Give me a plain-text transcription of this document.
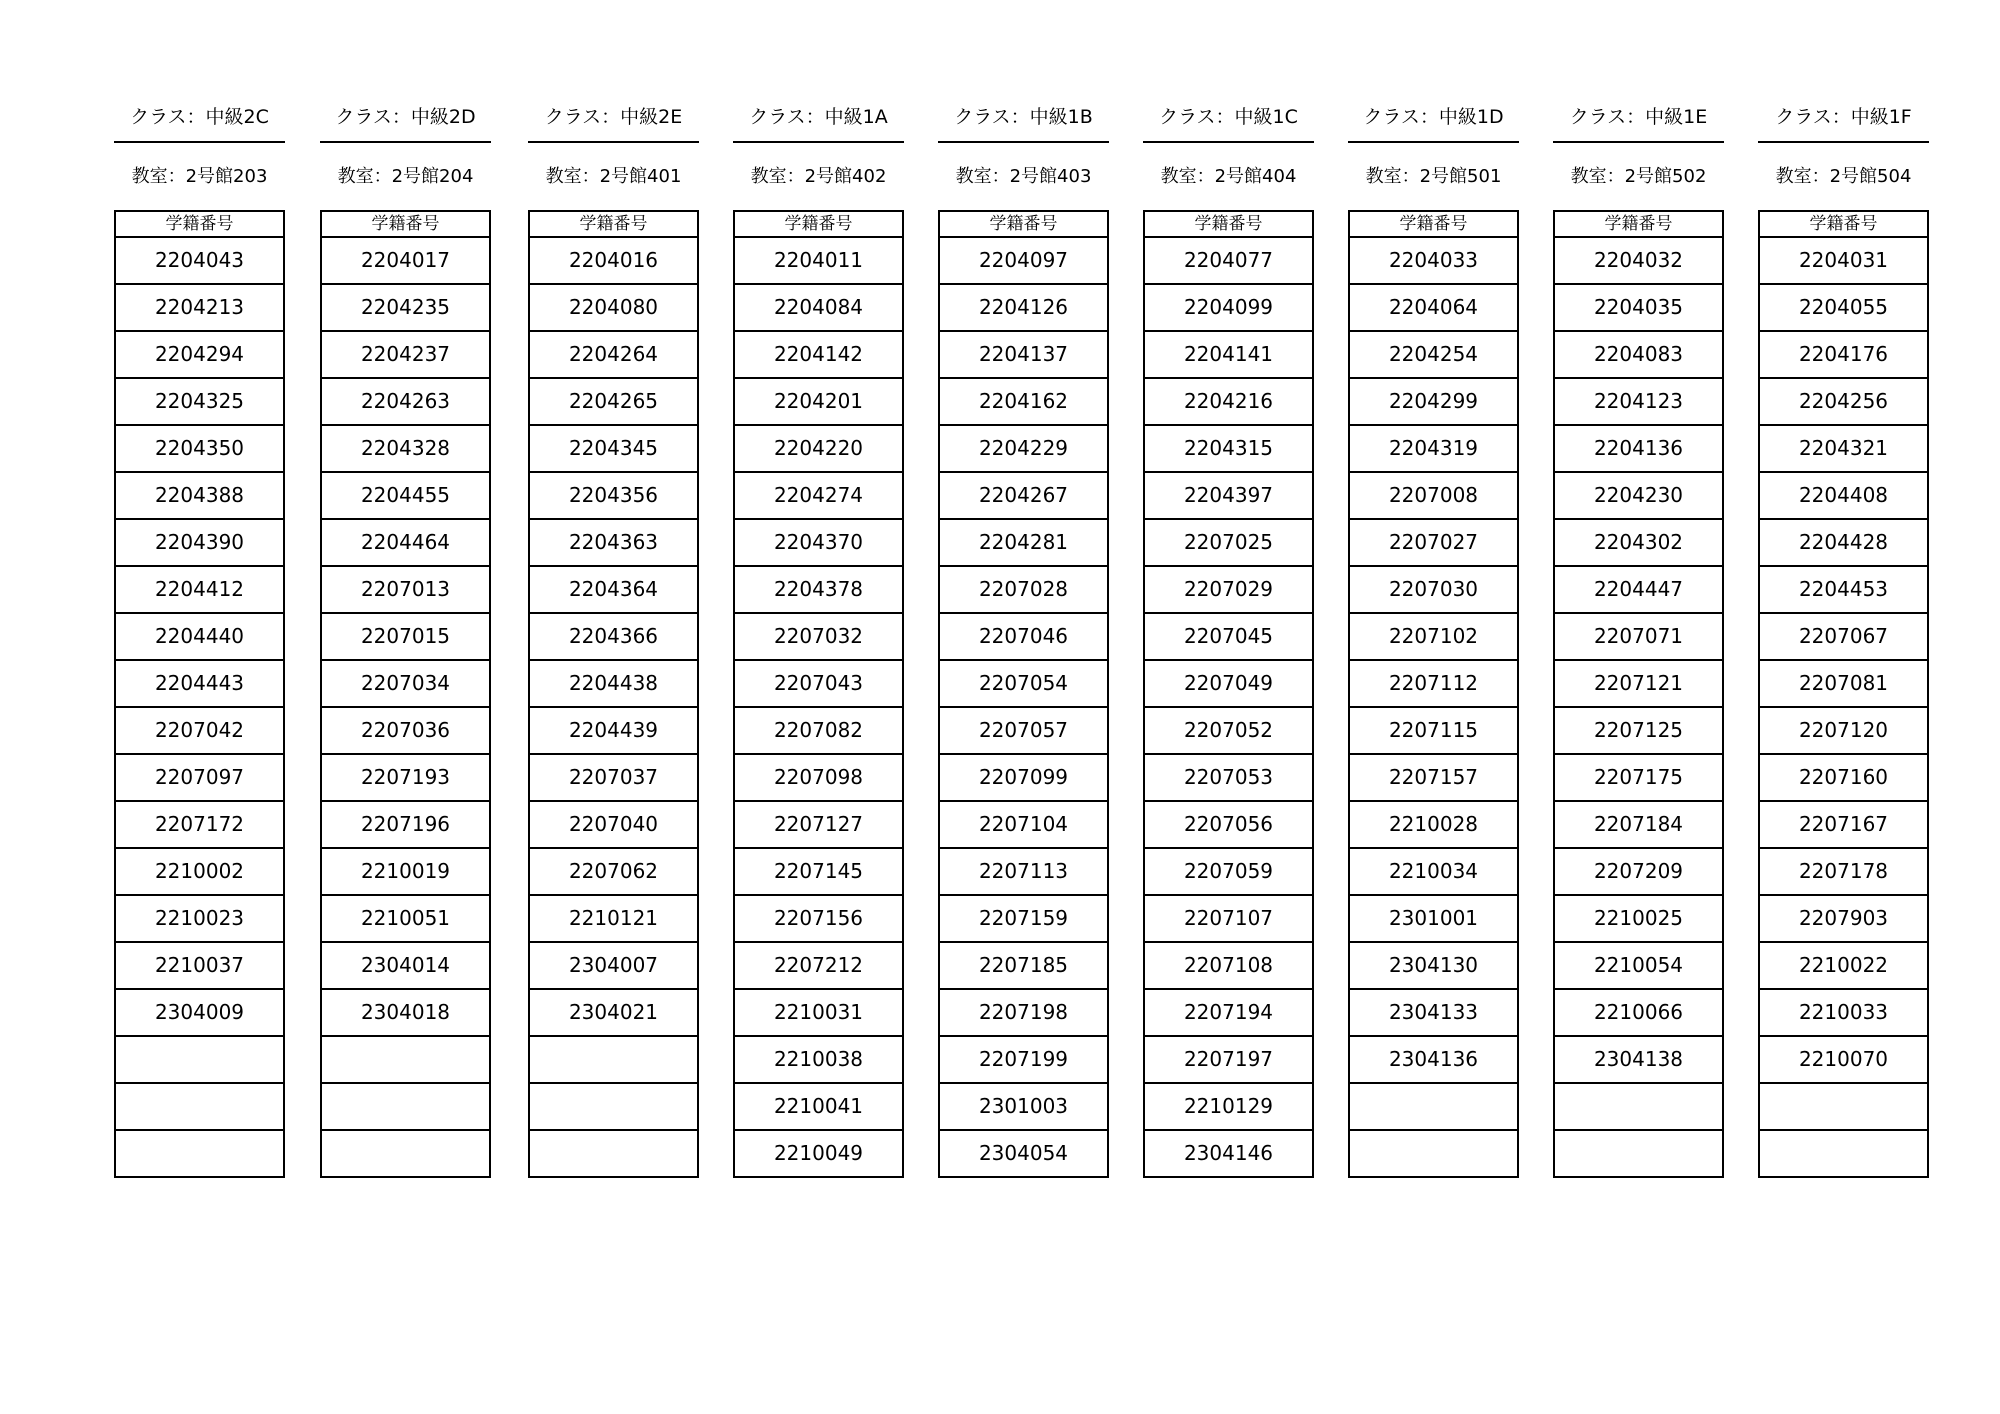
クラス：中級2C
教室：2号館203
学籍番号
2204043
2204213
2204294
2204325
2204350
2204388
2204390
2204412
2204440
2204443
2207042
2207097
2207172
2210002
2210023
2210037
2304009

クラス：中級2D
教室：2号館204
学籍番号
2204017
2204235
2204237
2204263
2204328
2204455
2204464
2207013
2207015
2207034
2207036
2207193
2207196
2210019
2210051
2304014
2304018

クラス：中級2E
教室：2号館401
学籍番号
2204016
2204080
2204264
2204265
2204345
2204356
2204363
2204364
2204366
2204438
2204439
2207037
2207040
2207062
2210121
2304007
2304021

クラス：中級1A
教室：2号館402
学籍番号
2204011
2204084
2204142
2204201
2204220
2204274
2204370
2204378
2207032
2207043
2207082
2207098
2207127
2207145
2207156
2207212
2210031
2210038
2210041
2210049
クラス：中級1B
教室：2号館403
学籍番号
2204097
2204126
2204137
2204162
2204229
2204267
2204281
2207028
2207046
2207054
2207057
2207099
2207104
2207113
2207159
2207185
2207198
2207199
2301003
2304054
クラス：中級1C
教室：2号館404
学籍番号
2204077
2204099
2204141
2204216
2204315
2204397
2207025
2207029
2207045
2207049
2207052
2207053
2207056
2207059
2207107
2207108
2207194
2207197
2210129
2304146
クラス：中級1D
教室：2号館501
学籍番号
2204033
2204064
2204254
2204299
2204319
2207008
2207027
2207030
2207102
2207112
2207115
2207157
2210028
2210034
2301001
2304130
2304133
2304136

クラス：中級1E
教室：2号館502
学籍番号
2204032
2204035
2204083
2204123
2204136
2204230
2204302
2204447
2207071
2207121
2207125
2207175
2207184
2207209
2210025
2210054
2210066
2304138

クラス：中級1F
教室：2号館504
学籍番号
2204031
2204055
2204176
2204256
2204321
2204408
2204428
2204453
2207067
2207081
2207120
2207160
2207167
2207178
2207903
2210022
2210033
2210070
